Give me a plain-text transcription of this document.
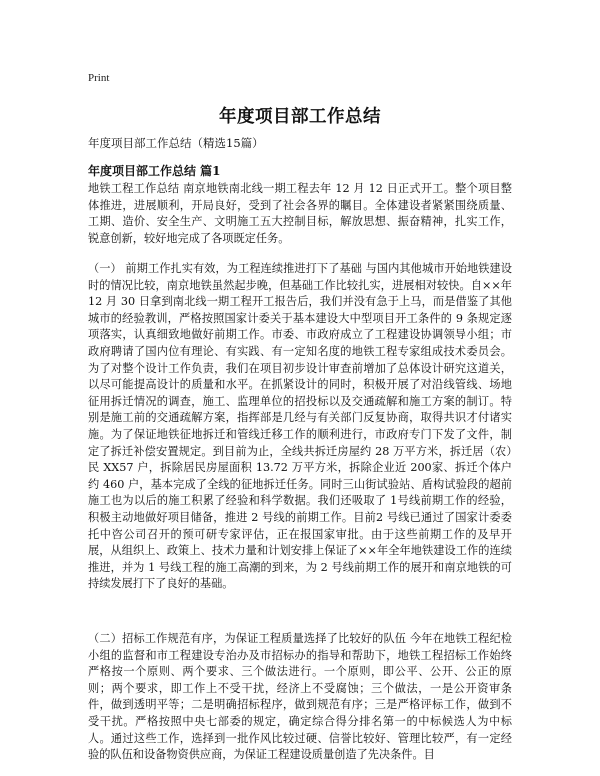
Print
年度项目部工作总结
年度项目部工作总结（精选15篇）
年度项目部工作总结 篇1
地铁工程工作总结 南京地铁南北线一期工程去年 12 月 12 日正式开工。整个项目整体推进，进展顺利，开局良好，受到了社会各界的瞩目。全体建设者紧紧围绕质量、工期、造价、安全生产、文明施工五大控制目标，解放思想、振奋精神，扎实工作，锐意创新，较好地完成了各项既定任务。
（一） 前期工作扎实有效，为工程连续推进打下了基础 与国内其他城市开始地铁建设时的情况比较，南京地铁虽然起步晚，但基础工作比较扎实，进展相对较快。自××年 12 月 30 日拿到南北线一期工程开工报告后，我们并没有急于上马，而是借鉴了其他城市的经验教训，严格按照国家计委关于基本建设大中型项目开工条件的 9 条规定逐项落实，认真细致地做好前期工作。市委、市政府成立了工程建设协调领导小组；市政府聘请了国内位有理论、有实践、有一定知名度的地铁工程专家组成技术委员会。为了对整个设计工作负责，我们在项目初步设计审查前增加了总体设计研究这道关，以尽可能提高设计的质量和水平。在抓紧设计的同时，积极开展了对沿线管线、场地征用拆迁情况的调查，施工、监理单位的招投标以及交通疏解和施工方案的制订。特别是施工前的交通疏解方案，指挥部是几经与有关部门反复协商，取得共识才付诸实施。为了保证地铁征地拆迁和管线迁移工作的顺利进行，市政府专门下发了文件，制定了拆迁补偿安置规定。到目前为止，全线共拆迁房屋约 28 万平方米，拆迁居（农）民 XX57 户，拆除居民房屋面积 13.72 万平方米，拆除企业近 200家、拆迁个体户约 460 户，基本完成了全线的征地拆迁任务。同时三山街试验站、盾构试验段的超前施工也为以后的施工积累了经验和科学数据。我们还吸取了 1号线前期工作的经验，积极主动地做好项目储备，推进 2 号线的前期工作。目前2 号线已通过了国家计委委托中咨公司召开的预可研专家评估，正在报国家审批。由于这些前期工作的及早开展，从组织上、政策上、技术力量和计划安排上保证了××年全年地铁建设工作的连续推进，并为 1 号线工程的施工高潮的到来，为 2 号线前期工作的展开和南京地铁的可持续发展打下了良好的基础。
（二）招标工作规范有序，为保证工程质量选择了比较好的队伍 今年在地铁工程纪检小组的监督和市工程建设专治办及市招标办的指导和帮助下，地铁工程招标工作始终严格按一个原则、两个要求、三个做法进行。一个原则，即公平、公开、公正的原则；两个要求，即工作上不受干扰，经济上不受腐蚀；三个做法，一是公开资审条件，做到透明平等；二是明确招标程序，做到规范有序；三是严格评标工作，做到不受干扰。严格按照中央七部委的规定，确定综合得分排名第一的中标候选人为中标人。通过这些工作，选择到一批作风比较过硬、信誉比较好、管理比较严，有一定经验的队伍和设备物资供应商，为保证工程建设质量创造了先决条件。目
